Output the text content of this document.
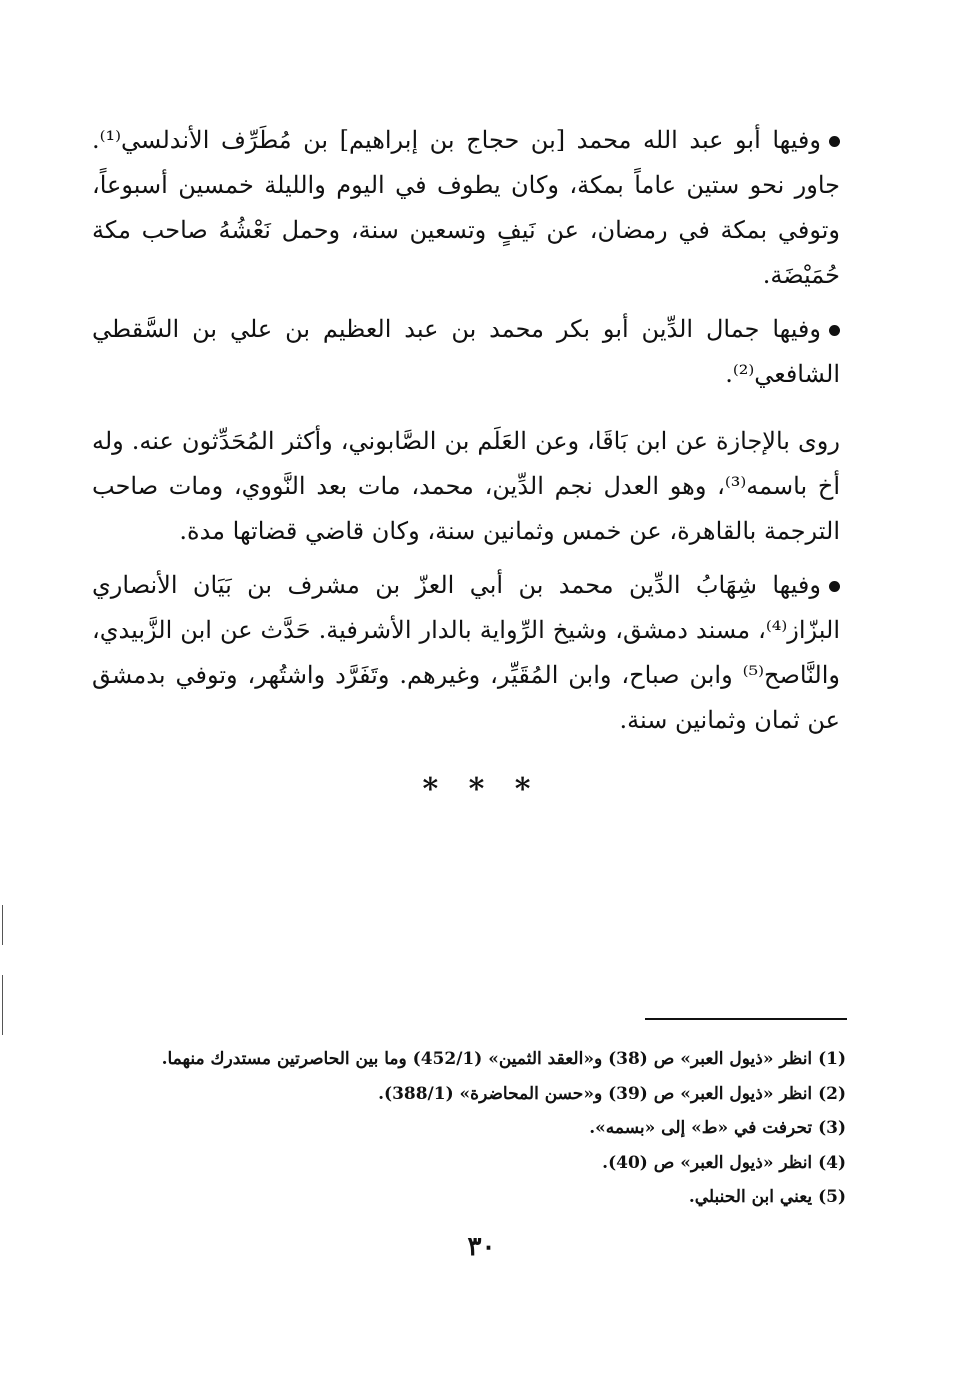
وفيها أبو عبد الله محمد [بن حجاج بن إبراهيم] بن مُطَرِّف الأندلسي⁽¹⁾. جاور نحو ستين عاماً بمكة، وكان يطوف في اليوم والليلة خمسين أسبوعاً، وتوفي بمكة في رمضان، عن نَيفٍ وتسعين سنة، وحمل نَعْشُهُ صاحب مكة حُمَيْضَة.

وفيها جمال الدِّين أبو بكر محمد بن عبد العظيم بن علي بن السَّقطي الشافعي⁽²⁾.

روى بالإجازة عن ابن بَاقَا، وعن العَلَم بن الصَّابوني، وأكثر المُحَدِّثون عنه. وله أخ باسمه⁽³⁾، وهو العدل نجم الدِّين، محمد، مات بعد النَّووي، ومات صاحب الترجمة بالقاهرة، عن خمس وثمانين سنة، وكان قاضي قضاتها مدة.

وفيها شِهَابُ الدِّين محمد بن أبي العزّ بن مشرف بن بَيَان الأنصاري البزّاز⁽⁴⁾، مسند دمشق، وشيخ الرِّواية بالدار الأشرفية. حَدَّث عن ابن الزَّبيدي، والنَّاصح⁽⁵⁾ وابن صباح، وابن المُقَيِّر، وغيرهم. وتَفَرَّد واشتُهر، وتوفي بدمشق عن ثمان وثمانين سنة.

* * *
(1) انظر «ذيول العبر» ص (38) و«العقد الثمين» (452/1) وما بين الحاصرتين مستدرك منهما.
(2) انظر «ذيول العبر» ص (39) و«حسن المحاضرة» (388/1).
(3) تحرفت في «ط» إلى «بسمه».
(4) انظر «ذيول العبر» ص (40).
(5) يعني ابن الحنبلي.
٣٠
